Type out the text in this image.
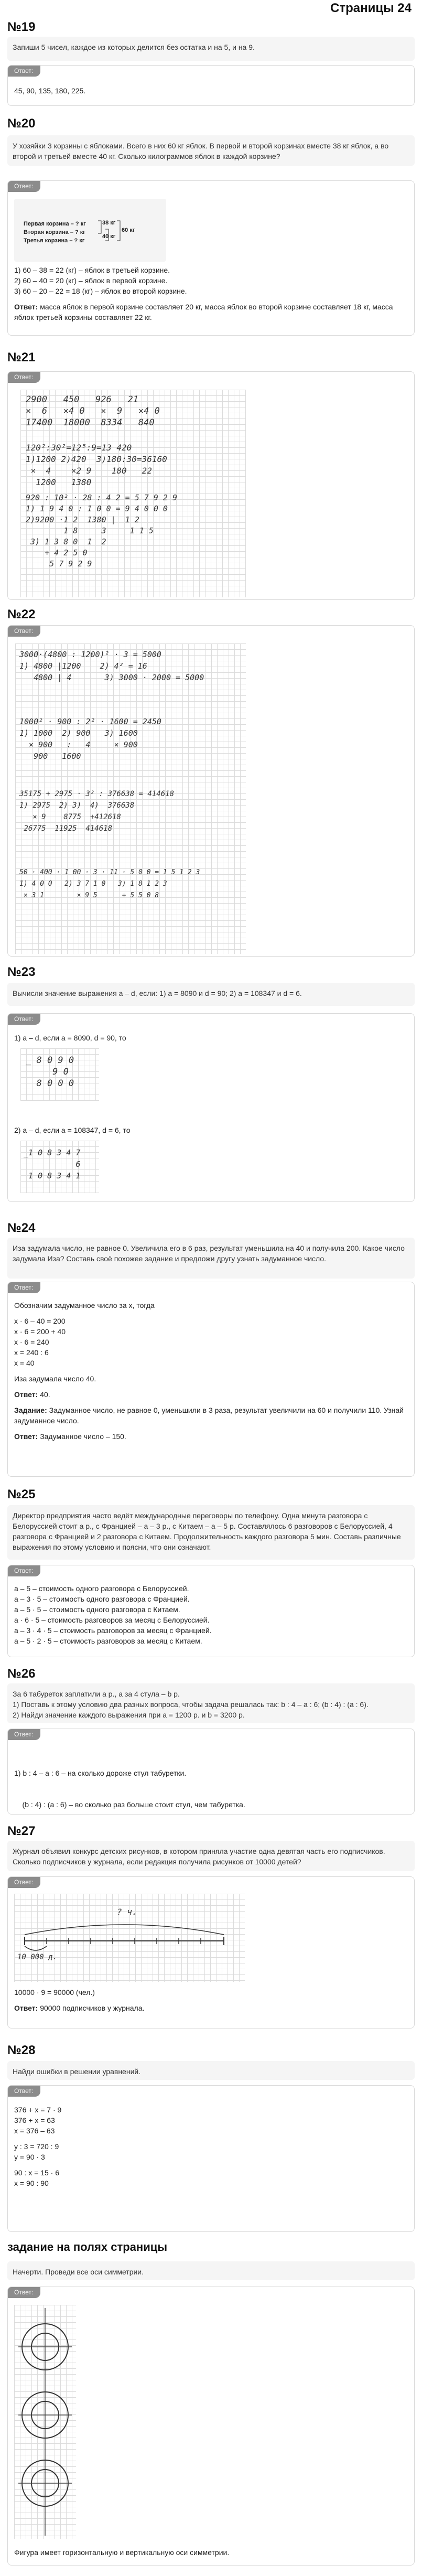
Страницы 24
№19
Запиши 5 чисел, каждое из которых делится без остатка и на 5, и на 9.
Ответ:
45, 90, 135, 180, 225.
№20
У хозяйки 3 корзины с яблоками. Всего в них 60 кг яблок. В первой и второй корзинах вместе 38 кг яблок, а во второй и третьей вместе 40 кг. Сколько килограммов яблок в каждой корзине?
Ответ:
Первая корзина – ? кг
Вторая корзина – ? кг
Третья корзина – ? кг
38 кг
40 кг
60 кг

1) 60 – 38 = 22 (кг) – яблок в третьей корзине.

2) 60 – 40 = 20 (кг) – яблок в первой корзине.

3) 60 – 20 – 22 = 18 (кг) – яблок во второй корзине.

Ответ: масса яблок в первой корзине составляет 20 кг, масса яблок во второй корзине составляет 18 кг, масса яблок третьей корзины составляет 22 кг.

№21
Ответ:
2900   450   926   21
×  6   ×4 0   ×  9   ×4 0
17400  18000  8334   840
120²:30²=12⁵:9=13 420
1)1200 2)420  3)180:30=36160
×  4    ×2 9    180   22
1200   1380
920 : 10² · 28 : 4 2 = 5 7 9 2 9
1) 1 9 4 0 : 1 0 0 = 9 4 0 0 0
2)9200 ·1 2  1380 |  1 2
1 8     3     1 1 5
3) 1 3 8 0  1  2
+ 4 2 5 0
5 7 9 2 9
№22
Ответ:
3000·(4800 : 1200)² · 3 = 5000
1) 4800 |1200    2) 4² = 16
4800 | 4       3) 3000 · 2000 = 5000
1000² · 900 : 2² · 1600 = 2450
1) 1000  2) 900   3) 1600
× 900   :   4     × 900
900   1600
35175 + 2975 · 3² : 376638 = 414618
1) 2975  2) 3)  4)  376638
× 9    8775  +412618
26775  11925  414618
50 · 400 · 1 00 · 3 · 11 · 5 0 0 = 1 5 1 2 3
1) 4 0 0   2) 3 7 1 0   3) 1 8 1 2 3
× 3 1        × 9 5      + 5 5 0 8
№23
Вычисли значение выражения a – d, если: 1) a = 8090 и d = 90; 2) a = 108347 и d = 6.
Ответ:
1) a – d, если a = 8090, d = 90, то
_ 8 0 9 0
9 0
8 0 0 0
2) a – d, если a = 108347, d = 6, то
_1 0 8 3 4 7
6
1 0 8 3 4 1
№24
Иза задумала число, не равное 0. Увеличила его в 6 раз, результат уменьшила на 40 и получила 200. Какое число задумала Иза? Составь своё похожее задание и предложи другу узнать задуманное число.
Ответ:

Обозначим задуманное число за x, тогда

x · 6 – 40 = 200

x · 6 = 200 + 40

x · 6 = 240

x = 240 : 6

x = 40

Иза задумала число 40.

Ответ: 40.

Задание: Задуманное число, не равное 0, уменьшили в 3 раза, результат увеличили на 60 и получили 110. Узнай задуманное число.

Ответ: Задуманное число – 150.

№25
Директор предприятия часто ведёт международные переговоры по телефону. Одна минута разговора с Белоруссией стоит a р., с Францией – a – 3 р., с Китаем – a – 5 р. Составлялось 6 разговоров с Белоруссией, 4 разговора с Францией и 2 разговора с Китаем. Продолжительность каждого разговора 5 мин. Составь различные выражения по этому условию и поясни, что они означают.
Ответ:

a – 5 – стоимость одного разговора с Белоруссией.

a – 3 · 5 – стоимость одного разговора с Францией.

a – 5 · 5 – стоимость одного разговора с Китаем.

a · 6 · 5 – стоимость разговоров за месяц с Белоруссией.

a – 3 · 4 · 5 – стоимость разговоров за месяц с Францией.

a – 5 · 2 · 5 – стоимость разговоров за месяц с Китаем.

№26
За 6 табуреток заплатили a р., а за 4 стула – b р.
1) Поставь к этому условию два разных вопроса, чтобы задача решалась так: b : 4 – a : 6; (b : 4) : (a : 6).
2) Найди значение каждого выражения при a = 1200 р. и b = 3200 р.
Ответ:

1) b : 4 – a : 6 – на сколько дороже стул табуретки.

(b : 4) : (a : 6) – во сколько раз больше стоит стул, чем табуретка.

№27
Журнал объявил конкурс детских рисунков, в котором приняла участие одна девятая часть его подписчиков. Сколько подписчиков у журнала, если редакция получила рисунков от 10000 детей?
Ответ:
? ч.
10 000 д.

10000 · 9 = 90000 (чел.)

Ответ: 90000 подписчиков у журнала.

№28
Найди ошибки в решении уравнений.
Ответ:

376 + x = 7 · 9

376 + x = 63

x = 376 – 63

y : 3 = 720 : 9

y = 90 · 3

90 : x = 15 · 6

x = 90 : 90

задание на полях страницы
Начерти. Проведи все оси симметрии.
Ответ:
Фигура имеет горизонтальную и вертикальную оси симметрии.
